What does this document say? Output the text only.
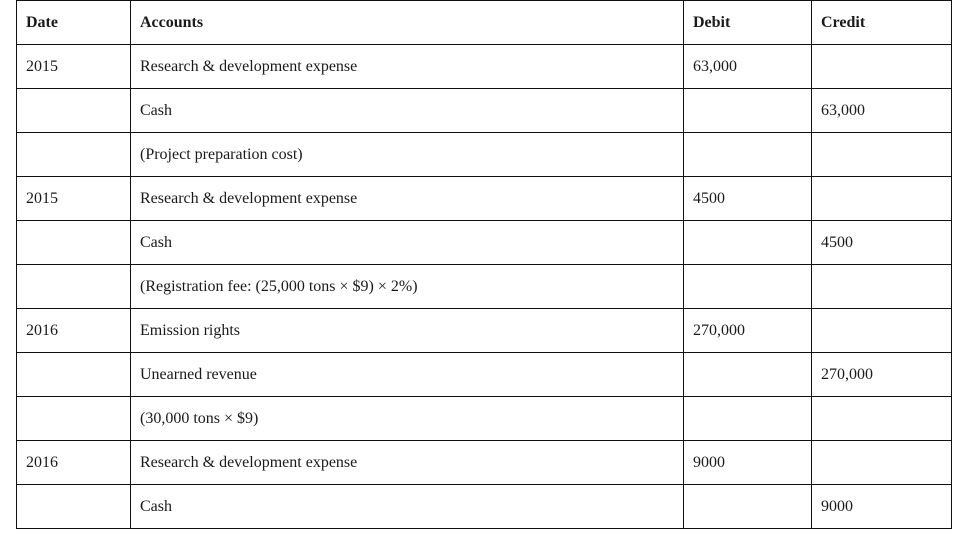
Date	Accounts	Debit	Credit
2015	Research & development expense	63,000	
	Cash		63,000
	(Project preparation cost)		
2015	Research & development expense	4500	
	Cash		4500
	(Registration fee: (25,000 tons × $9) × 2%)		
2016	Emission rights	270,000	
	Unearned revenue		270,000
	(30,000 tons × $9)		
2016	Research & development expense	9000	
	Cash		9000
